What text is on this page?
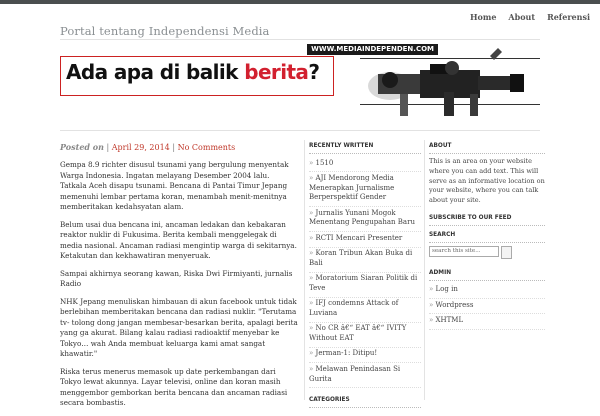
Portal tentang Independensi Media
Home About Referensi
WWW.MEDIAINDEPENDEN.COM
Ada apa di balik berita?
Posted on | April 29, 2014 | No Comments

Gempa 8.9 richter disusul tsunami yang bergulung menyentak Warga Indonesia. Ingatan melayang Desember 2004 lalu. Tatkala Aceh disapu tsunami. Bencana di Pantai Timur Jepang memenuhi lembar pertama koran, menambah menit-menitnya memberitakan kedahsyatan alam.

Belum usai dua bencana ini, ancaman ledakan dan kebakaran reaktor nuklir di Fukusima. Berita kembali menggelegak di media nasional. Ancaman radiasi mengintip warga di sekitarnya. Ketakutan dan kekhawatiran menyeruak.

Sampai akhirnya seorang kawan, Riska Dwi Firmiyanti, jurnalis Radio

NHK Jepang menuliskan himbauan di akun facebook untuk tidak berlebihan memberitakan bencana dan radiasi nuklir. "Terutama tv- tolong dong jangan membesar-besarkan berita, apalagi berita yang ga akurat. Bilang kalau radiasi radioaktif menyebar ke Tokyo… wah Anda membuat keluarga kami amat sangat khawatir."

Riska terus menerus memasok up date perkembangan dari Tokyo lewat akunnya. Layar televisi, online dan koran masih menggembor gemborkan berita bencana dan ancaman radiasi secara bombastis.

RECENTLY WRITTEN
» 1510
» AJI Mendorong Media Menerapkan Jurnalisme Berperspektif Gender
» Jurnalis Yunani Mogok Menentang Pengupahan Baru
» RCTI Mencari Presenter
» Koran Tribun Akan Buka di Bali
» Moratorium Siaran Politik di Teve
» IFJ condemns Attack of Luviana
» No CR â€“ EAT â€“ IVITY Without EAT
» Jerman-1: Ditipu!
» Melawan Penindasan Si Gurita
CATEGORIES
ABOUT

This is an area on your website where you can add text. This will serve as an informative location on your website, where you can talk about your site.

SUBSCRIBE TO OUR FEED
SEARCH
search this site...
ADMIN
» Log in
» Wordpress
» XHTML
